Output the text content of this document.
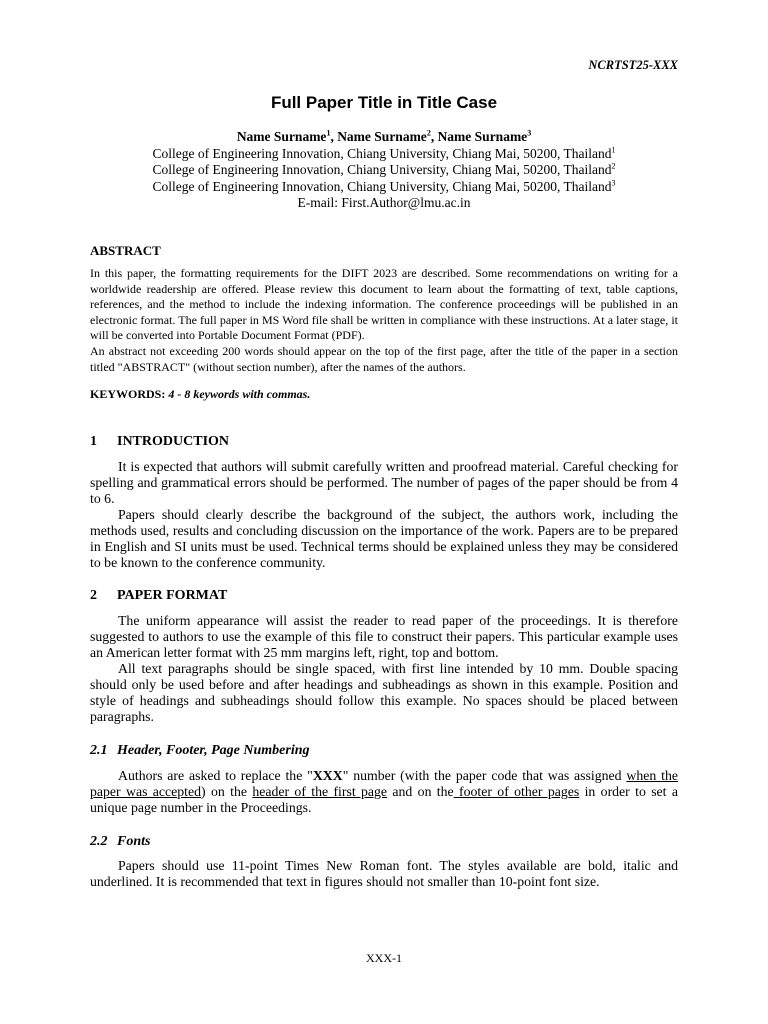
NCRTST25-XXX
Full Paper Title in Title Case
Name Surname$^1$, Name Surname$^2$, Name Surname$^3$
College of Engineering Innovation, Chiang University, Chiang Mai, 50200, Thailand$^1$
College of Engineering Innovation, Chiang University, Chiang Mai, 50200, Thailand$^2$
College of Engineering Innovation, Chiang University, Chiang Mai, 50200, Thailand$^3$
E-mail: First.Author@lmu.ac.in
ABSTRACT

In this paper, the formatting requirements for the DIFT 2023 are described. Some recommendations on writing for a worldwide readership are offered. Please review this document to learn about the formatting of text, table captions, references, and the method to include the indexing information. The conference proceedings will be published in an electronic format. The full paper in MS Word file shall be written in compliance with these instructions. At a later stage, it will be converted into Portable Document Format (PDF).

An abstract not exceeding 200 words should appear on the top of the first page, after the title of the paper in a section titled "ABSTRACT" (without section number), after the names of the authors.

KEYWORDS: 4 - 8 keywords with commas.
1 INTRODUCTION

It is expected that authors will submit carefully written and proofread material. Careful checking for spelling and grammatical errors should be performed. The number of pages of the paper should be from 4 to 6.

Papers should clearly describe the background of the subject, the authors work, including the methods used, results and concluding discussion on the importance of the work. Papers are to be prepared in English and SI units must be used. Technical terms should be explained unless they may be considered to be known to the conference community.

2 PAPER FORMAT

The uniform appearance will assist the reader to read paper of the proceedings. It is therefore suggested to authors to use the example of this file to construct their papers. This particular example uses an American letter format with 25 mm margins left, right, top and bottom.

All text paragraphs should be single spaced, with first line intended by 10 mm. Double spacing should only be used before and after headings and subheadings as shown in this example. Position and style of headings and subheadings should follow this example. No spaces should be placed between paragraphs.

2.1 Header, Footer, Page Numbering

Authors are asked to replace the "XXX" number (with the paper code that was assigned when the paper was accepted) on the header of the first page and on the footer of other pages in order to set a unique page number in the Proceedings.

2.2 Fonts

Papers should use 11-point Times New Roman font. The styles available are bold, italic and underlined. It is recommended that text in figures should not smaller than 10-point font size.

XXX-1
